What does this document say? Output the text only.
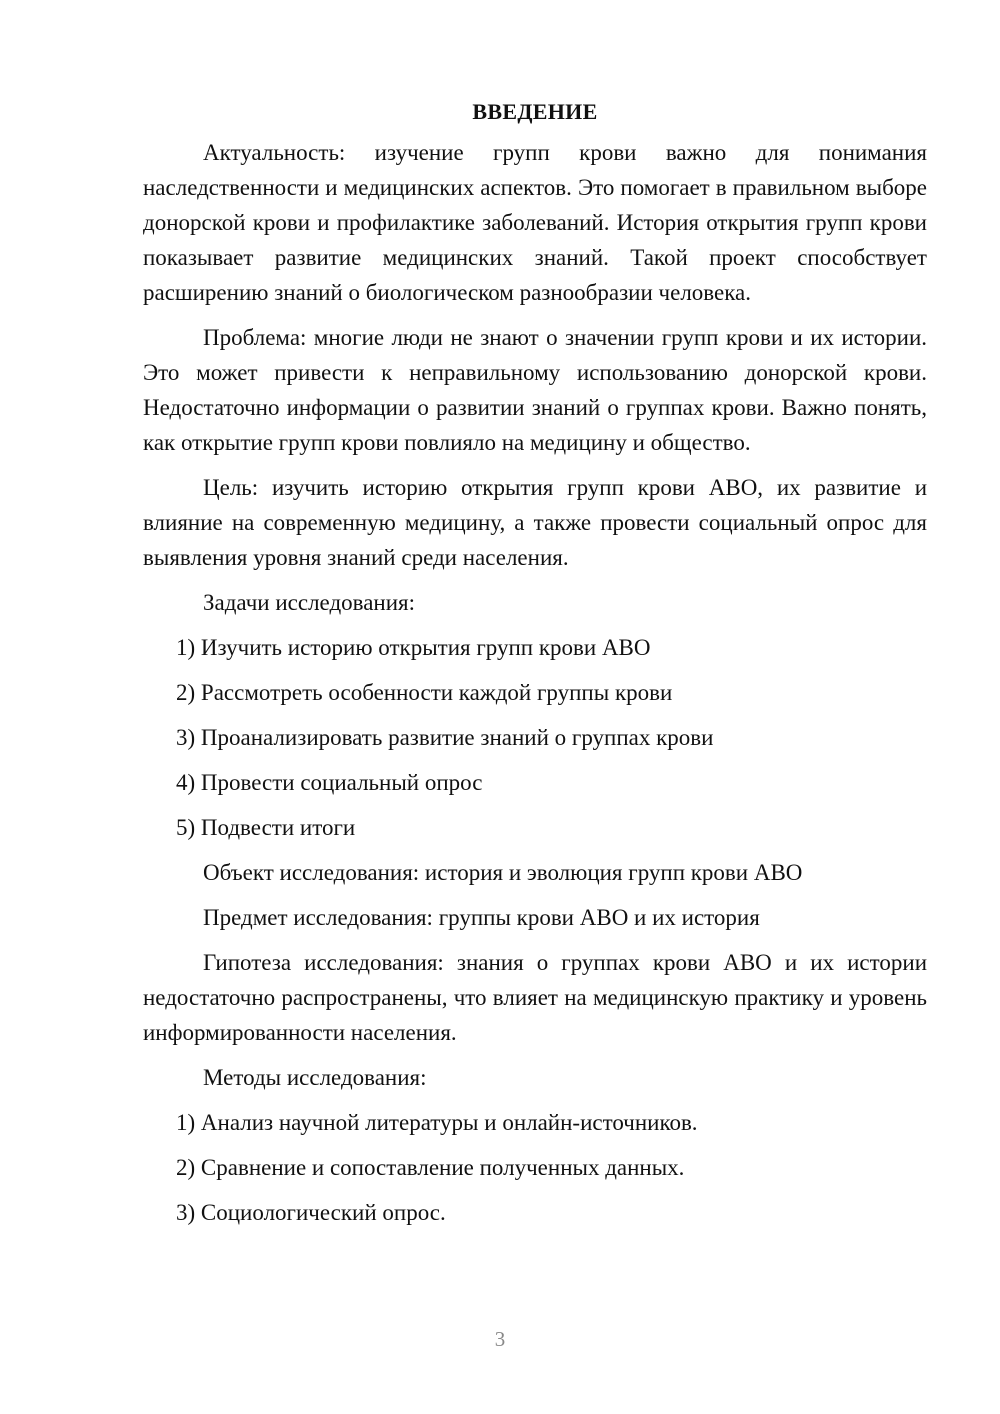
ВВЕДЕНИЕ

Актуальность: изучение групп крови важно для понимания наследственности и медицинских аспектов. Это помогает в правильном выборе донорской крови и профилактике заболеваний. История открытия групп крови показывает развитие медицинских знаний. Такой проект способствует расширению знаний о биологическом разнообразии человека.

Проблема: многие люди не знают о значении групп крови и их истории. Это может привести к неправильному использованию донорской крови. Недостаточно информации о развитии знаний о группах крови. Важно понять, как открытие групп крови повлияло на медицину и общество.

Цель: изучить историю открытия групп крови АВО, их развитие и влияние на современную медицину, а также провести социальный опрос для выявления уровня знаний среди населения.

Задачи исследования:

1) Изучить историю открытия групп крови АВО
2) Рассмотреть особенности каждой группы крови
3) Проанализировать развитие знаний о группах крови
4) Провести социальный опрос
5) Подвести итоги

Объект исследования: история и эволюция групп крови АВО

Предмет исследования: группы крови АВО и их история

Гипотеза исследования: знания о группах крови АВО и их истории недостаточно распространены, что влияет на медицинскую практику и уровень информированности населения.

Методы исследования:

1) Анализ научной литературы и онлайн-источников.
2) Сравнение и сопоставление полученных данных.
3) Социологический опрос.
3
